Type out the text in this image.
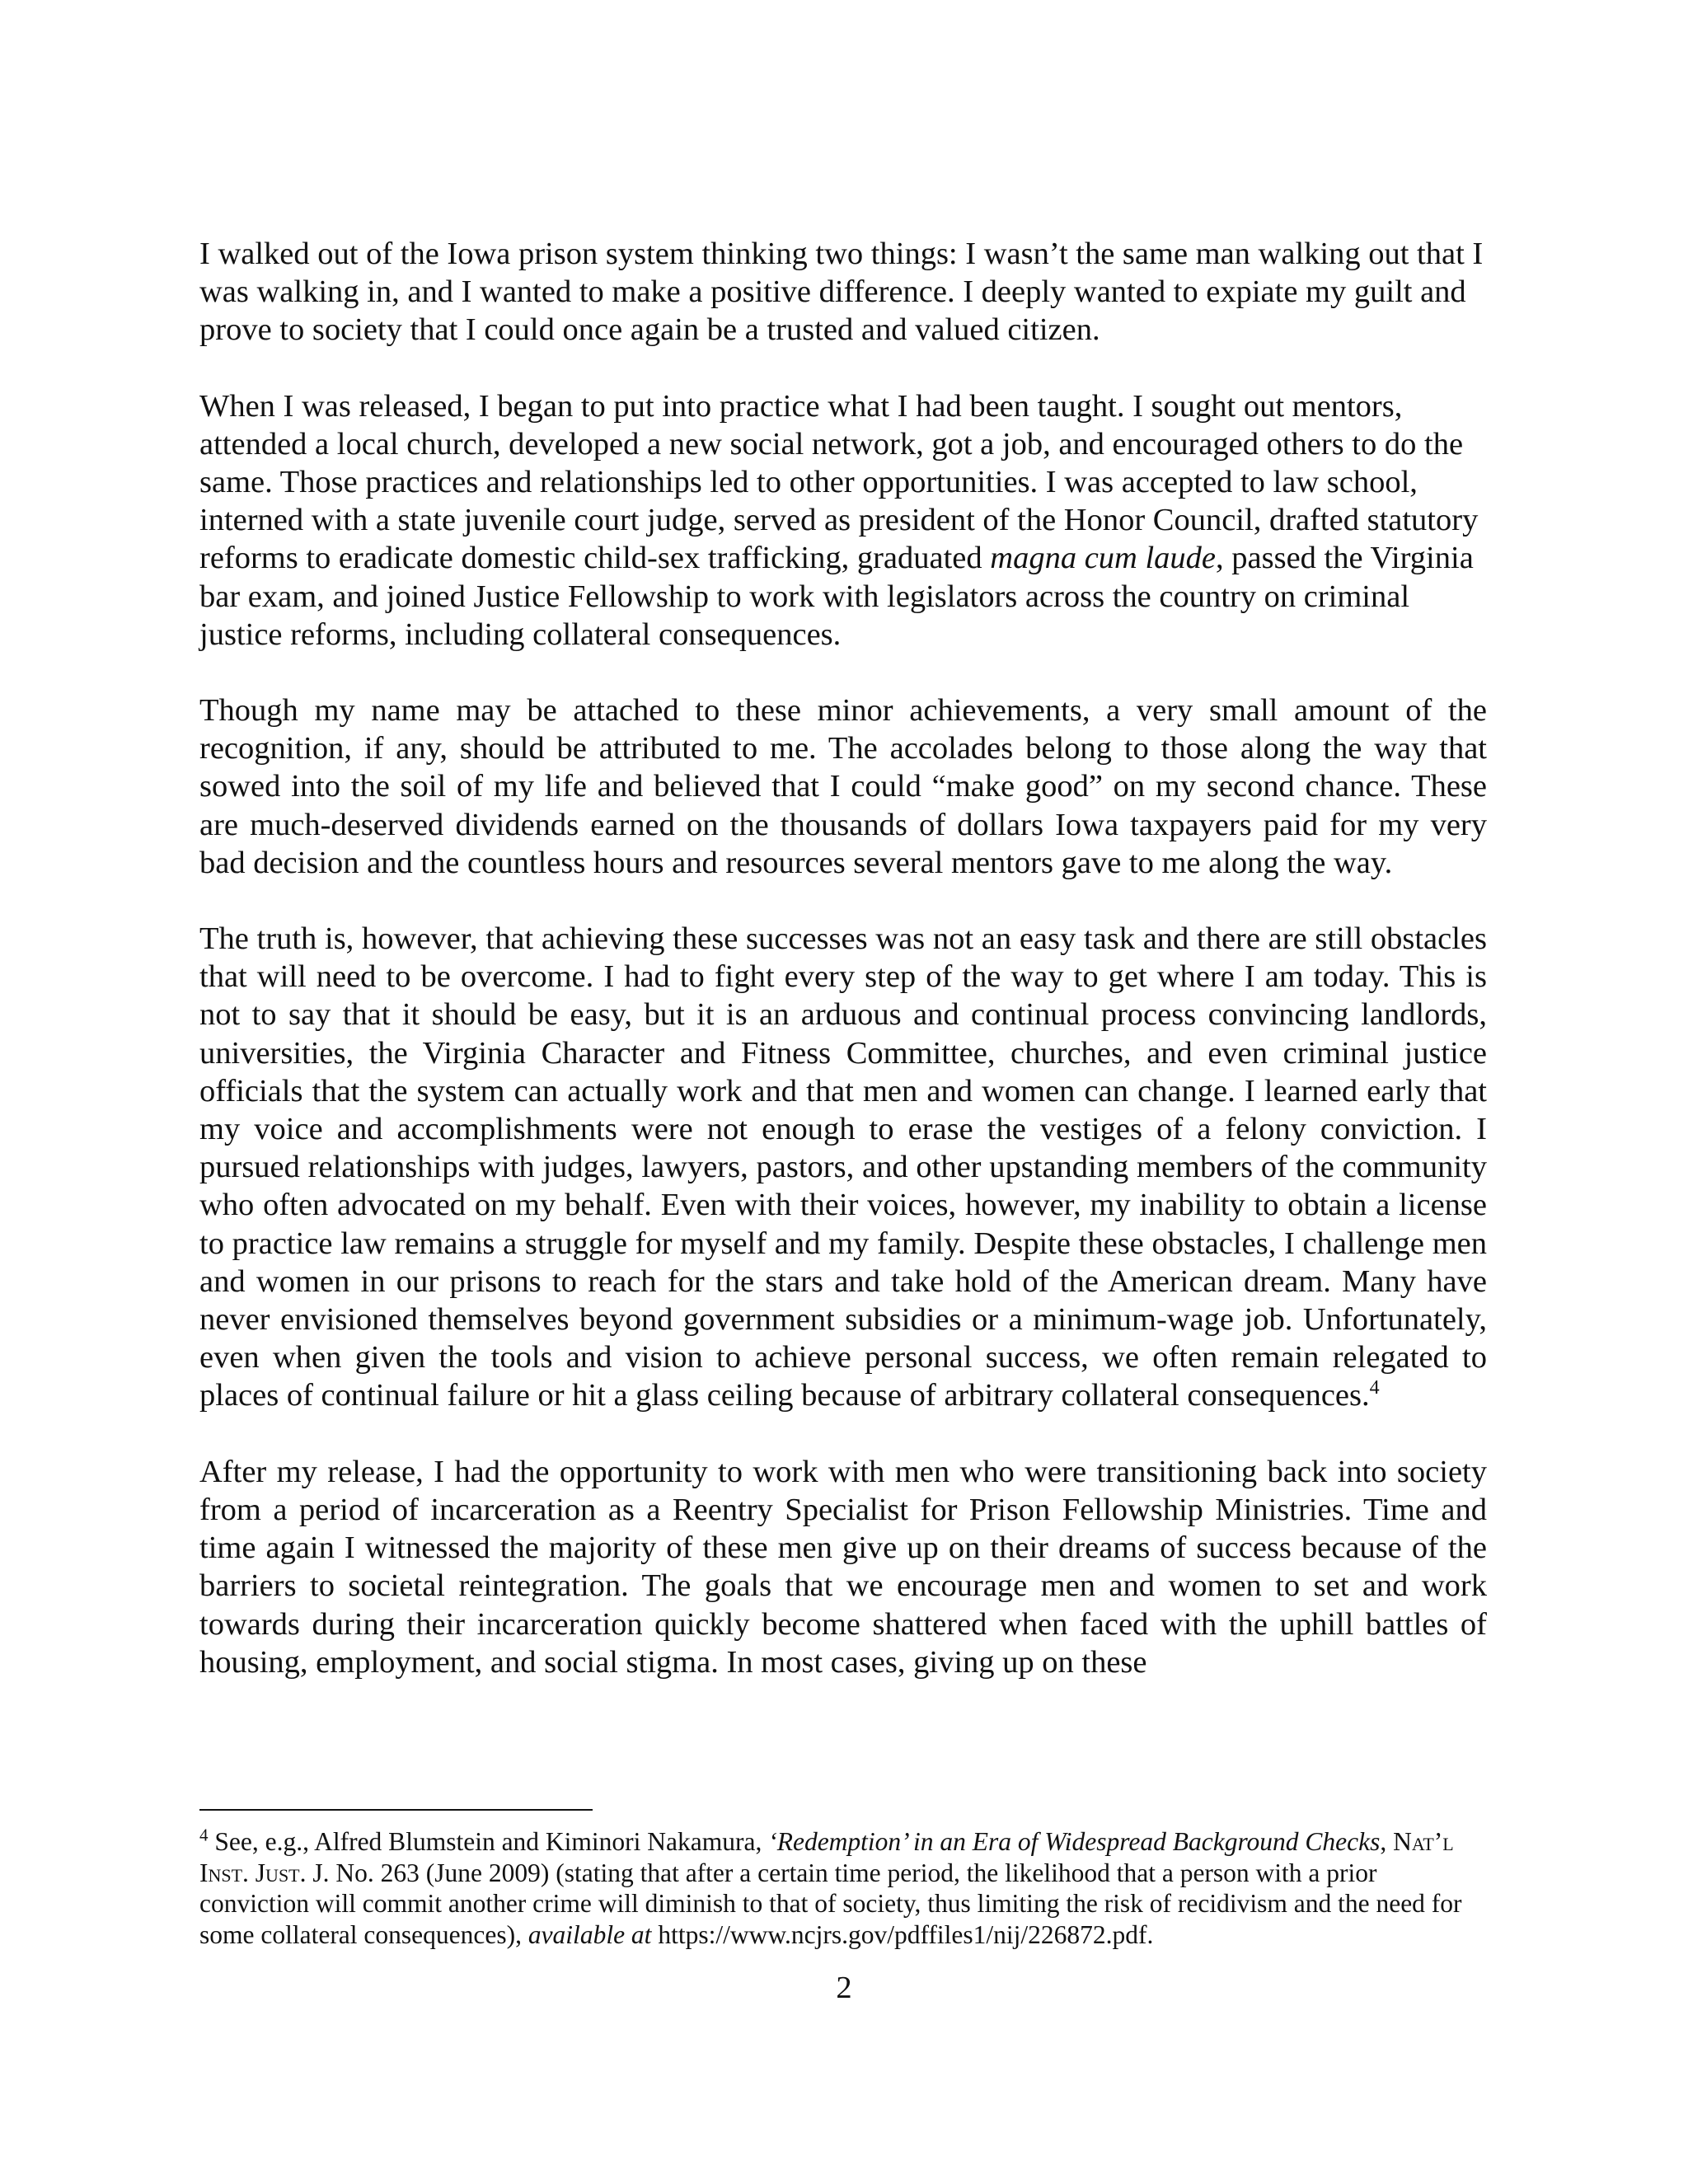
I walked out of the Iowa prison system thinking two things: I wasn’t the same man walking out that I was walking in, and I wanted to make a positive difference. I deeply wanted to expiate my guilt and prove to society that I could once again be a trusted and valued citizen.

When I was released, I began to put into practice what I had been taught. I sought out mentors, attended a local church, developed a new social network, got a job, and encouraged others to do the same. Those practices and relationships led to other opportunities. I was accepted to law school, interned with a state juvenile court judge, served as president of the Honor Council, drafted statutory reforms to eradicate domestic child-sex trafficking, graduated magna cum laude, passed the Virginia bar exam, and joined Justice Fellowship to work with legislators across the country on criminal justice reforms, including collateral consequences.

Though my name may be attached to these minor achievements, a very small amount of the recognition, if any, should be attributed to me. The accolades belong to those along the way that sowed into the soil of my life and believed that I could “make good” on my second chance. These are much-deserved dividends earned on the thousands of dollars Iowa taxpayers paid for my very bad decision and the countless hours and resources several mentors gave to me along the way.

The truth is, however, that achieving these successes was not an easy task and there are still obstacles that will need to be overcome. I had to fight every step of the way to get where I am today. This is not to say that it should be easy, but it is an arduous and continual process convincing landlords, universities, the Virginia Character and Fitness Committee, churches, and even criminal justice officials that the system can actually work and that men and women can change. I learned early that my voice and accomplishments were not enough to erase the vestiges of a felony conviction. I pursued relationships with judges, lawyers, pastors, and other upstanding members of the community who often advocated on my behalf. Even with their voices, however, my inability to obtain a license to practice law remains a struggle for myself and my family. Despite these obstacles, I challenge men and women in our prisons to reach for the stars and take hold of the American dream. Many have never envisioned themselves beyond government subsidies or a minimum-wage job. Unfortunately, even when given the tools and vision to achieve personal success, we often remain relegated to places of continual failure or hit a glass ceiling because of arbitrary collateral consequences.$^4$

After my release, I had the opportunity to work with men who were transitioning back into society from a period of incarceration as a Reentry Specialist for Prison Fellowship Ministries. Time and time again I witnessed the majority of these men give up on their dreams of success because of the barriers to societal reintegration. The goals that we encourage men and women to set and work towards during their incarceration quickly become shattered when faced with the uphill battles of housing, employment, and social stigma. In most cases, giving up on these

$^4$ See, e.g., Alfred Blumstein and Kiminori Nakamura, ‘Redemption’ in an Era of Widespread Background Checks, Nat’l Inst. Just. J. No. 263 (June 2009) (stating that after a certain time period, the likelihood that a person with a prior conviction will commit another crime will diminish to that of society, thus limiting the risk of recidivism and the need for some collateral consequences), available at https://www.ncjrs.gov/pdffiles1/nij/226872.pdf.
2
